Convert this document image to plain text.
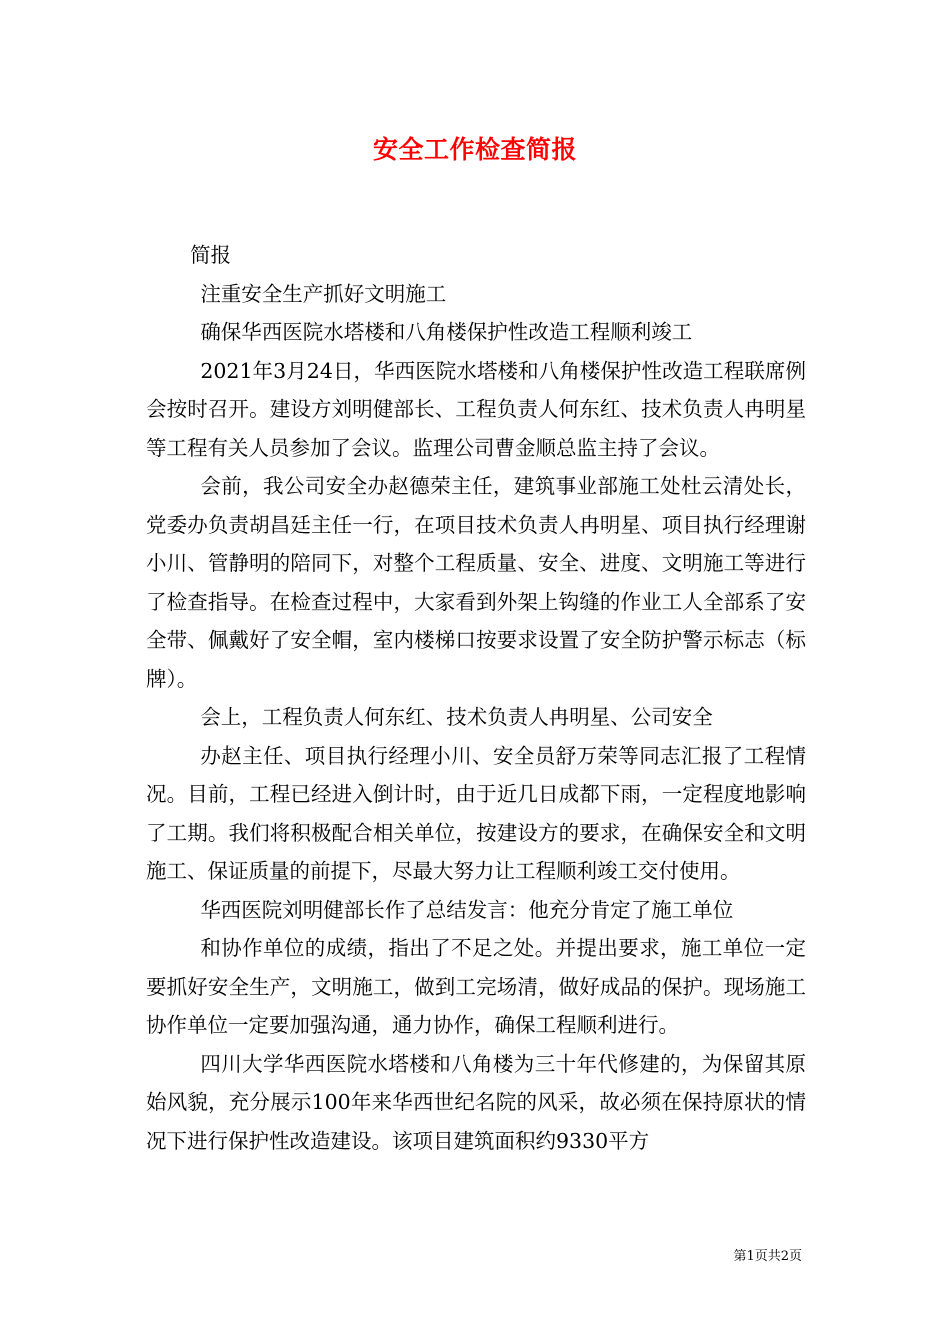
安全工作检查简报

简报

注重安全生产抓好文明施工

确保华西医院水塔楼和八角楼保护性改造工程顺利竣工

2021年3月24日，华西医院水塔楼和八角楼保护性改造工程联席例会按时召开。建设方刘明健部长、工程负责人何东红、技术负责人冉明星等工程有关人员参加了会议。监理公司曹金顺总监主持了会议。

会前，我公司安全办赵德荣主任，建筑事业部施工处杜云清处长，党委办负责胡昌廷主任一行，在项目技术负责人冉明星、项目执行经理谢小川、管静明的陪同下，对整个工程质量、安全、进度、文明施工等进行了检查指导。在检查过程中，大家看到外架上钩缝的作业工人全部系了安全带、佩戴好了安全帽，室内楼梯口按要求设置了安全防护警示标志（标牌）。

会上，工程负责人何东红、技术负责人冉明星、公司安全

办赵主任、项目执行经理小川、安全员舒万荣等同志汇报了工程情况。目前，工程已经进入倒计时，由于近几日成都下雨，一定程度地影响了工期。我们将积极配合相关单位，按建设方的要求，在确保安全和文明施工、保证质量的前提下，尽最大努力让工程顺利竣工交付使用。

华西医院刘明健部长作了总结发言：他充分肯定了施工单位

和协作单位的成绩，指出了不足之处。并提出要求，施工单位一定要抓好安全生产，文明施工，做到工完场清，做好成品的保护。现场施工协作单位一定要加强沟通，通力协作，确保工程顺利进行。

四川大学华西医院水塔楼和八角楼为三十年代修建的，为保留其原始风貌，充分展示100年来华西世纪名院的风采，故必须在保持原状的情况下进行保护性改造建设。该项目建筑面积约9330平方

第1页共2页
